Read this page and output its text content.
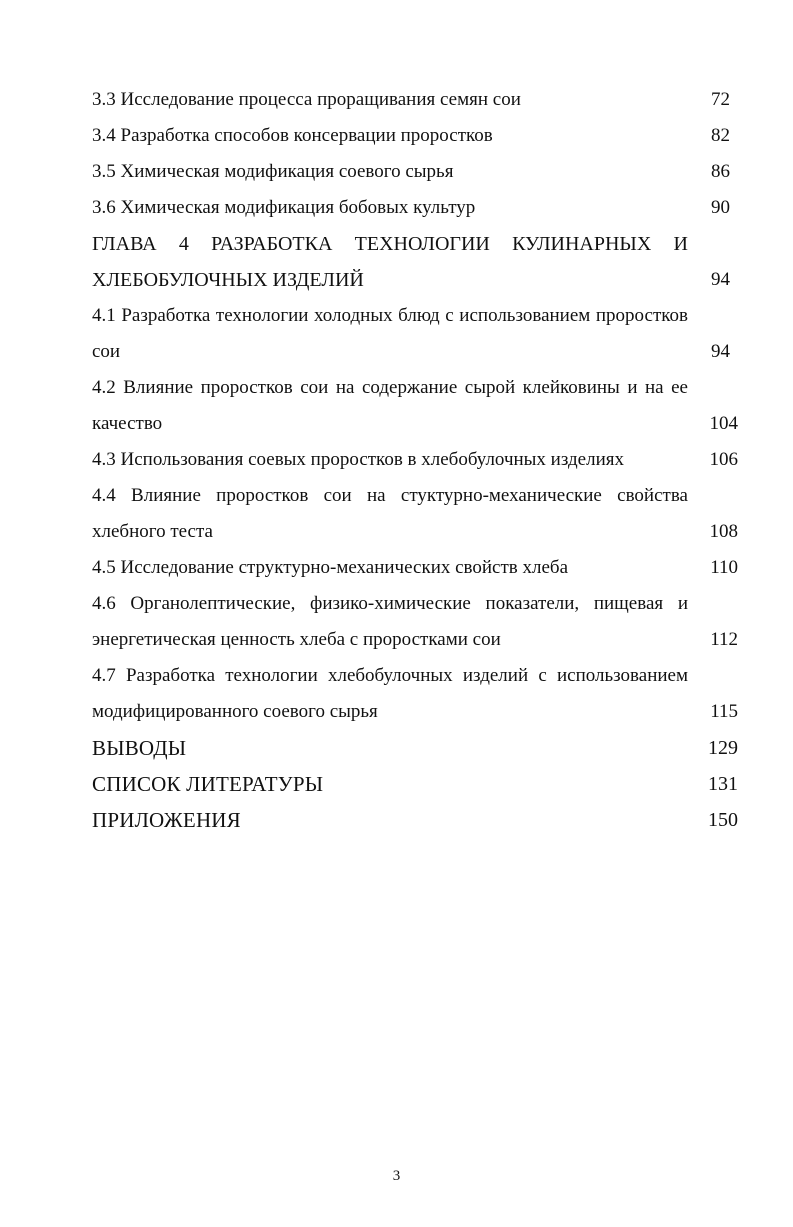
3.3 Исследование процесса проращивания семян сои	72
3.4 Разработка способов консервации проростков	82
3.5 Химическая модификация соевого сырья	86
3.6 Химическая модификация бобовых культур	90
ГЛАВА 4 РАЗРАБОТКА ТЕХНОЛОГИИ КУЛИНАРНЫХ И ХЛЕБОБУЛОЧНЫХ ИЗДЕЛИЙ	94
4.1 Разработка технологии холодных блюд с использованием проростков сои	94
4.2 Влияние проростков сои на содержание сырой клейковины и на ее качество	104
4.3 Использования соевых проростков в хлебобулочных изделиях	106
4.4 Влияние проростков сои на стуктурно-механические свойства хлебного теста	108
4.5 Исследование структурно-механических свойств хлеба	110
4.6 Органолептические, физико-химические показатели, пищевая и энергетическая ценность хлеба с проростками сои	112
4.7 Разработка технологии хлебобулочных изделий с использованием модифицированного соевого сырья	115
ВЫВОДЫ	129
СПИСОК ЛИТЕРАТУРЫ	131
ПРИЛОЖЕНИЯ	150
3
